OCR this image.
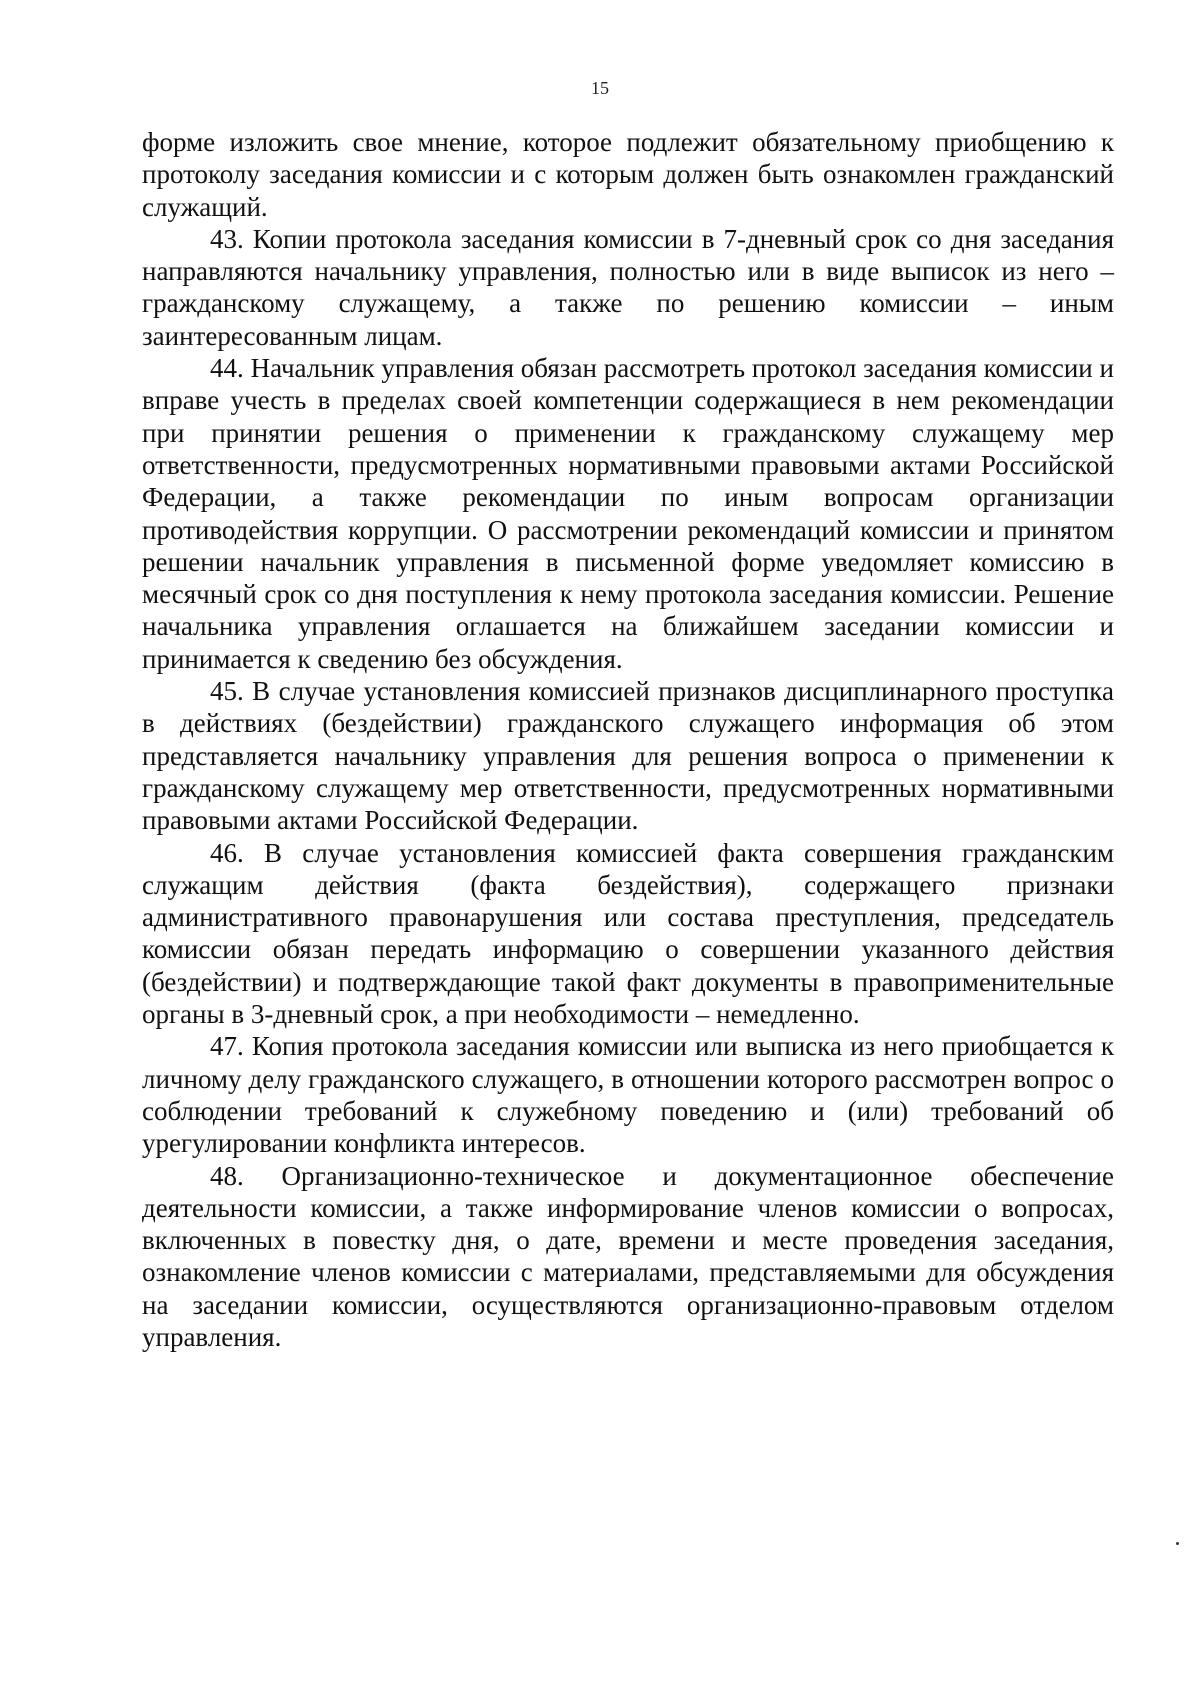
15

форме изложить свое мнение, которое подлежит обязательному приобщению к протоколу заседания комиссии и с которым должен быть ознакомлен гражданский служащий.

43. Копии протокола заседания комиссии в 7-дневный срок со дня заседания направляются начальнику управления, полностью или в виде выписок из него – гражданскому служащему, а также по решению комиссии – иным заинтересованным лицам.

44. Начальник управления обязан рассмотреть протокол заседания комиссии и вправе учесть в пределах своей компетенции содержащиеся в нем рекомендации при принятии решения о применении к гражданскому служащему мер ответственности, предусмотренных нормативными правовыми актами Российской Федерации, а также рекомендации по иным вопросам организации противодействия коррупции. О рассмотрении рекомендаций комиссии и принятом решении начальник управления в письменной форме уведомляет комиссию в месячный срок со дня поступления к нему протокола заседания комиссии. Решение начальника управления оглашается на ближайшем заседании комиссии и принимается к сведению без обсуждения.

45. В случае установления комиссией признаков дисциплинарного проступка в действиях (бездействии) гражданского служащего информация об этом представляется начальнику управления для решения вопроса о применении к гражданскому служащему мер ответственности, предусмотренных нормативными правовыми актами Российской Федерации.

46. В случае установления комиссией факта совершения гражданским служащим действия (факта бездействия), содержащего признаки административного правонарушения или состава преступления, председатель комиссии обязан передать информацию о совершении указанного действия (бездействии) и подтверждающие такой факт документы в правоприменительные органы в 3-дневный срок, а при необходимости – немедленно.

47. Копия протокола заседания комиссии или выписка из него приобщается к личному делу гражданского служащего, в отношении которого рассмотрен вопрос о соблюдении требований к служебному поведению и (или) требований об урегулировании конфликта интересов.

48. Организационно-техническое и документационное обеспечение деятельности комиссии, а также информирование членов комиссии о вопросах, включенных в повестку дня, о дате, времени и месте проведения заседания, ознакомление членов комиссии с материалами, представляемыми для обсуждения на заседании комиссии, осуществляются организационно-правовым отделом управления.
